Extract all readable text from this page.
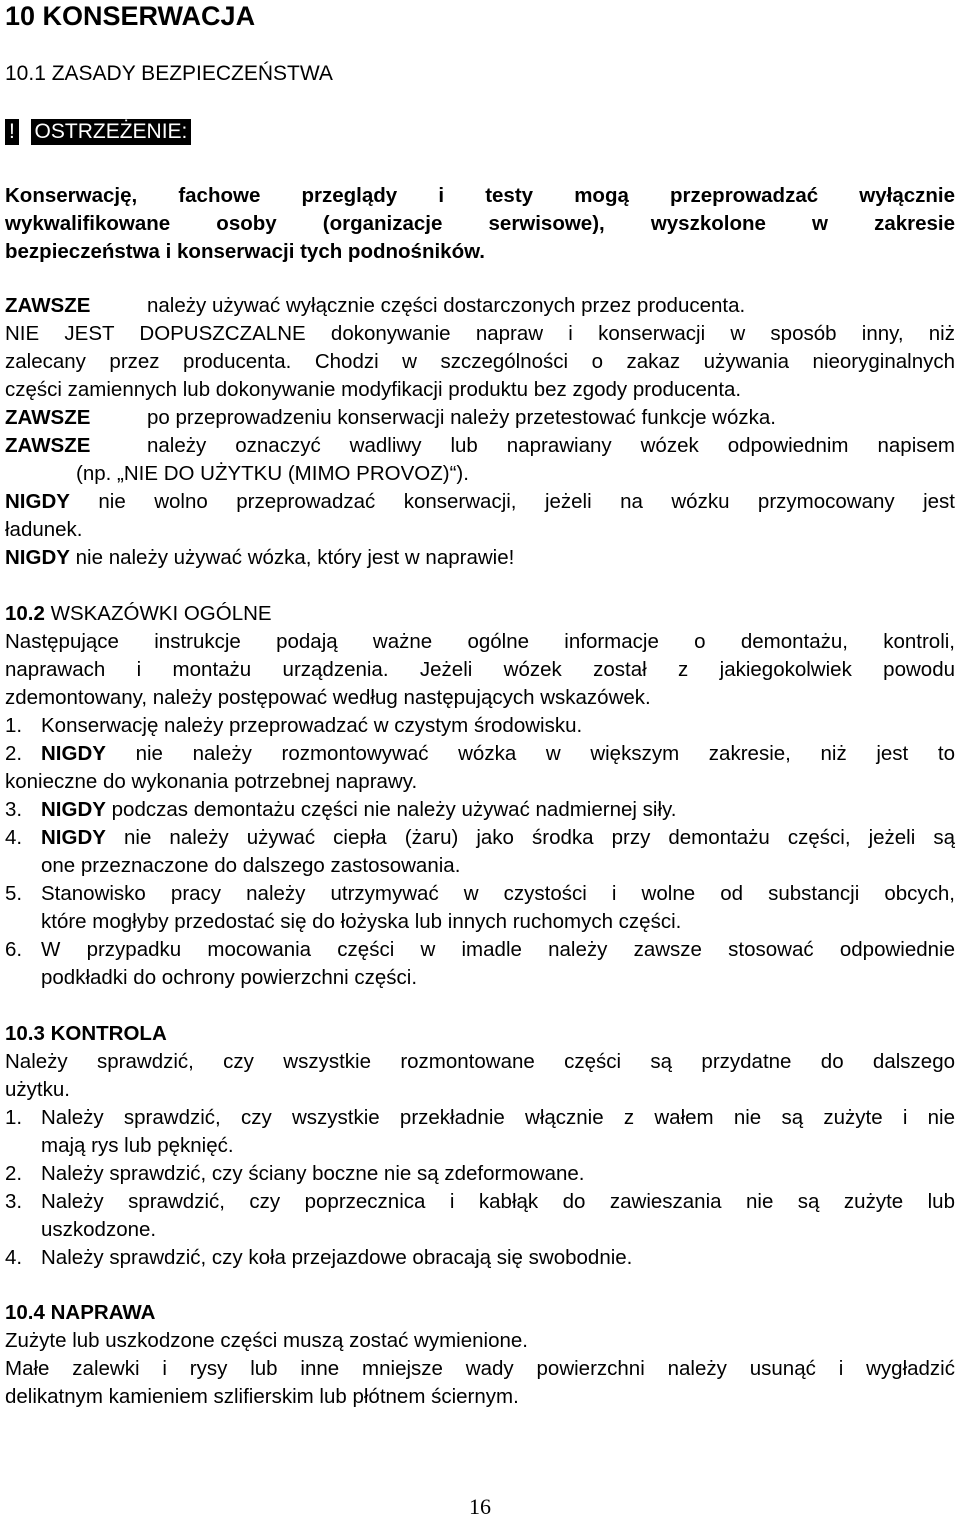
10 KONSERWACJA
10.1 ZASADY BEZPIECZEŃSTWA
! OSTRZEŻENIE:
Konserwację, fachowe przeglądy i testy mogą przeprowadzać wyłącznie
wykwalifikowane osoby (organizacje serwisowe), wyszkolone w zakresie
bezpieczeństwa i konserwacji tych podnośników.
ZAWSZE	należy używać wyłącznie części dostarczonych przez producenta.
NIE JEST DOPUSZCZALNE dokonywanie napraw i konserwacji w sposób inny, niż
zalecany przez producenta. Chodzi w szczególności o zakaz używania nieoryginalnych
części zamiennych lub dokonywanie modyfikacji produktu bez zgody producenta.
ZAWSZE	po przeprowadzeniu konserwacji należy przetestować funkcje wózka.
ZAWSZE	należy oznaczyć wadliwy lub naprawiany wózek odpowiednim napisem
(np. „NIE DO UŻYTKU (MIMO PROVOZ)“).
NIGDY nie wolno przeprowadzać konserwacji, jeżeli na wózku przymocowany jest
ładunek.
NIGDY nie należy używać wózka, który jest w naprawie!
10.2 WSKAZÓWKI OGÓLNE
Następujące instrukcje podają ważne ogólne informacje o demontażu, kontroli,
naprawach i montażu urządzenia. Jeżeli wózek został z jakiegokolwiek powodu
zdemontowany, należy postępować według następujących wskazówek.
1. Konserwację należy przeprowadzać w czystym środowisku.
2. NIGDY nie należy rozmontowywać wózka w większym zakresie, niż jest to
konieczne do wykonania potrzebnej naprawy.
3. NIGDY podczas demontażu części nie należy używać nadmiernej siły.
4. NIGDY nie należy używać ciepła (żaru) jako środka przy demontażu części, jeżeli są
one przeznaczone do dalszego zastosowania.
5. Stanowisko pracy należy utrzymywać w czystości i wolne od substancji obcych,
które mogłyby przedostać się do łożyska lub innych ruchomych części.
6. W przypadku mocowania części w imadle należy zawsze stosować odpowiednie
podkładki do ochrony powierzchni części.
10.3 KONTROLA
Należy sprawdzić, czy wszystkie rozmontowane części są przydatne do dalszego
użytku.
1. Należy sprawdzić, czy wszystkie przekładnie włącznie z wałem nie są zużyte i nie
mają rys lub pęknięć.
2. Należy sprawdzić, czy ściany boczne nie są zdeformowane.
3. Należy sprawdzić, czy poprzecznica i kabłąk do zawieszania nie są zużyte lub
uszkodzone.
4. Należy sprawdzić, czy koła przejazdowe obracają się swobodnie.
10.4 NAPRAWA
Zużyte lub uszkodzone części muszą zostać wymienione.
Małe zalewki i rysy lub inne mniejsze wady powierzchni należy usunąć i wygładzić
delikatnym kamieniem szlifierskim lub płótnem ściernym.
16
